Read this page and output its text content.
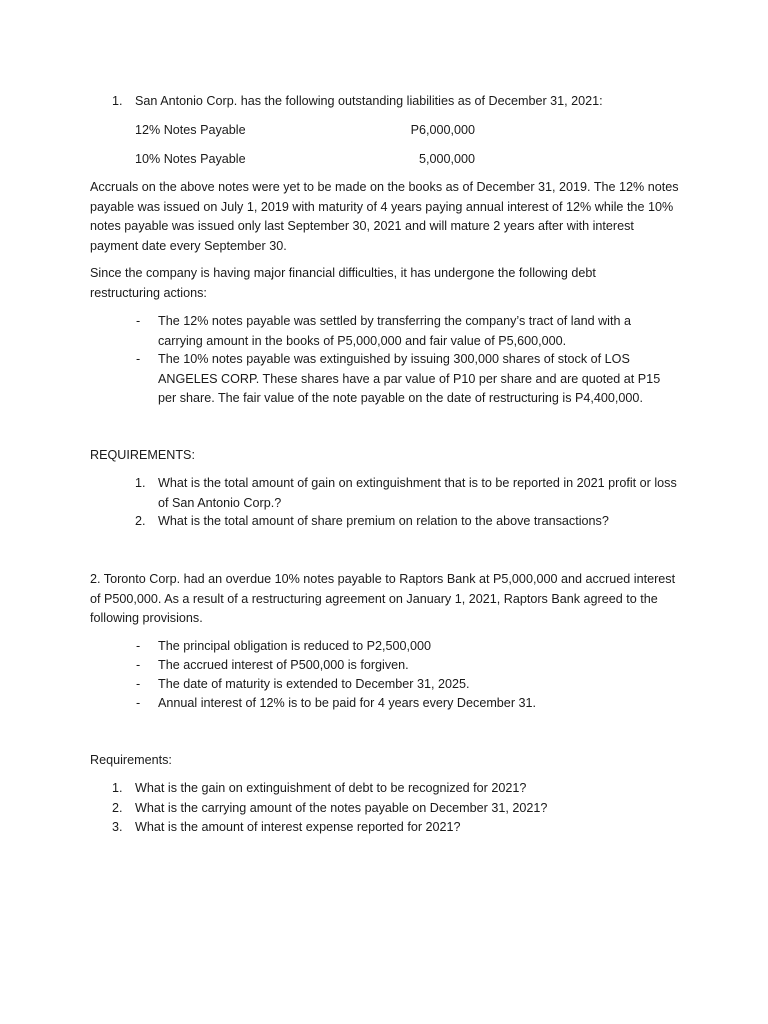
1. San Antonio Corp. has the following outstanding liabilities as of December 31, 2021:

12% Notes Payable	P6,000,000
10% Notes Payable	5,000,000

Accruals on the above notes were yet to be made on the books as of December 31, 2019. The 12% notes payable was issued on July 1, 2019 with maturity of 4 years paying annual interest of 12% while the 10% notes payable was issued only last September 30, 2021 and will mature 2 years after with interest payment date every September 30.

Since the company is having major financial difficulties, it has undergone the following debt restructuring actions:

- The 12% notes payable was settled by transferring the company’s tract of land with a carrying amount in the books of P5,000,000 and fair value of P5,600,000.

- The 10% notes payable was extinguished by issuing 300,000 shares of stock of LOS ANGELES CORP. These shares have a par value of P10 per share and are quoted at P15 per share. The fair value of the note payable on the date of restructuring is P4,400,000.

REQUIREMENTS:

1. What is the total amount of gain on extinguishment that is to be reported in 2021 profit or loss of San Antonio Corp.?

2. What is the total amount of share premium on relation to the above transactions?

2. Toronto Corp. had an overdue 10% notes payable to Raptors Bank at P5,000,000 and accrued interest of P500,000. As a result of a restructuring agreement on January 1, 2021, Raptors Bank agreed to the following provisions.

- The principal obligation is reduced to P2,500,000

- The accrued interest of P500,000 is forgiven.

- The date of maturity is extended to December 31, 2025.

- Annual interest of 12% is to be paid for 4 years every December 31.

Requirements:

1. What is the gain on extinguishment of debt to be recognized for 2021?

2. What is the carrying amount of the notes payable on December 31, 2021?

3. What is the amount of interest expense reported for 2021?
